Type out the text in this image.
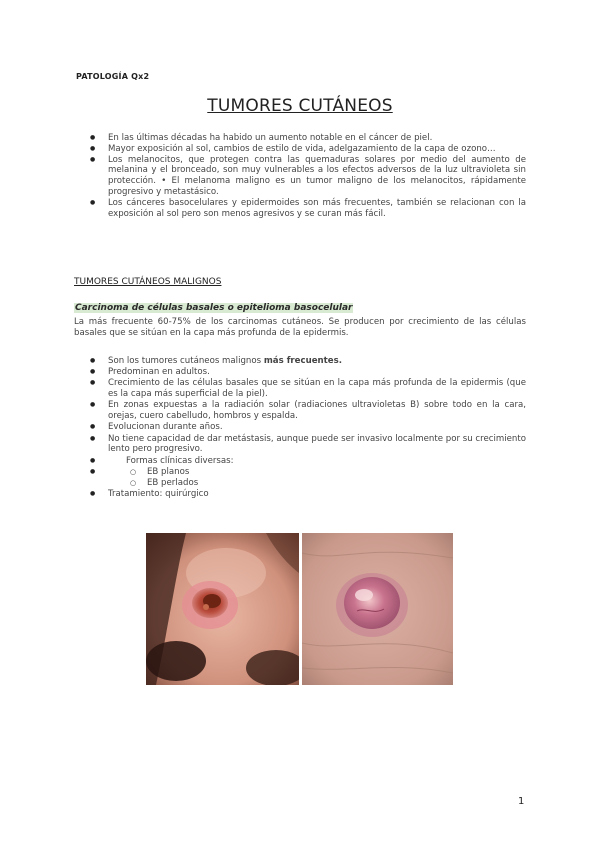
PATOLOGÍA Qx2
TUMORES CUTÁNEOS
● En las últimas décadas ha habido un aumento notable en el cáncer de piel.
● Mayor exposición al sol, cambios de estilo de vida, adelgazamiento de la capa de ozono…
● Los melanocitos, que protegen contra las quemaduras solares por medio del aumento de melanina y el bronceado, son muy vulnerables a los efectos adversos de la luz ultravioleta sin protección. • El melanoma maligno es un tumor maligno de los melanocitos, rápidamente progresivo y metastásico.
● Los cánceres basocelulares y epidermoides son más frecuentes, también se relacionan con la exposición al sol pero son menos agresivos y se curan más fácil.
TUMORES CUTÁNEOS MALIGNOS
Carcinoma de células basales o epitelioma basocelular
La más frecuente 60-75% de los carcinomas cutáneos. Se producen por crecimiento de las células basales que se sitúan en la capa más profunda de la epidermis.
● Son los tumores cutáneos malignos más frecuentes.
● Predominan en adultos.
● Crecimiento de las células basales que se sitúan en la capa más profunda de la epidermis (que es la capa más superficial de la piel).
● En zonas expuestas a la radiación solar (radiaciones ultravioletas B) sobre todo en la cara, orejas, cuero cabelludo, hombros y espalda.
● Evolucionan durante años.
● No tiene capacidad de dar metástasis, aunque puede ser invasivo localmente por su crecimiento lento pero progresivo.
● Formas clínicas diversas:
○ ● EB planos
○ EB perlados
● Tratamiento: quirúrgico
1
